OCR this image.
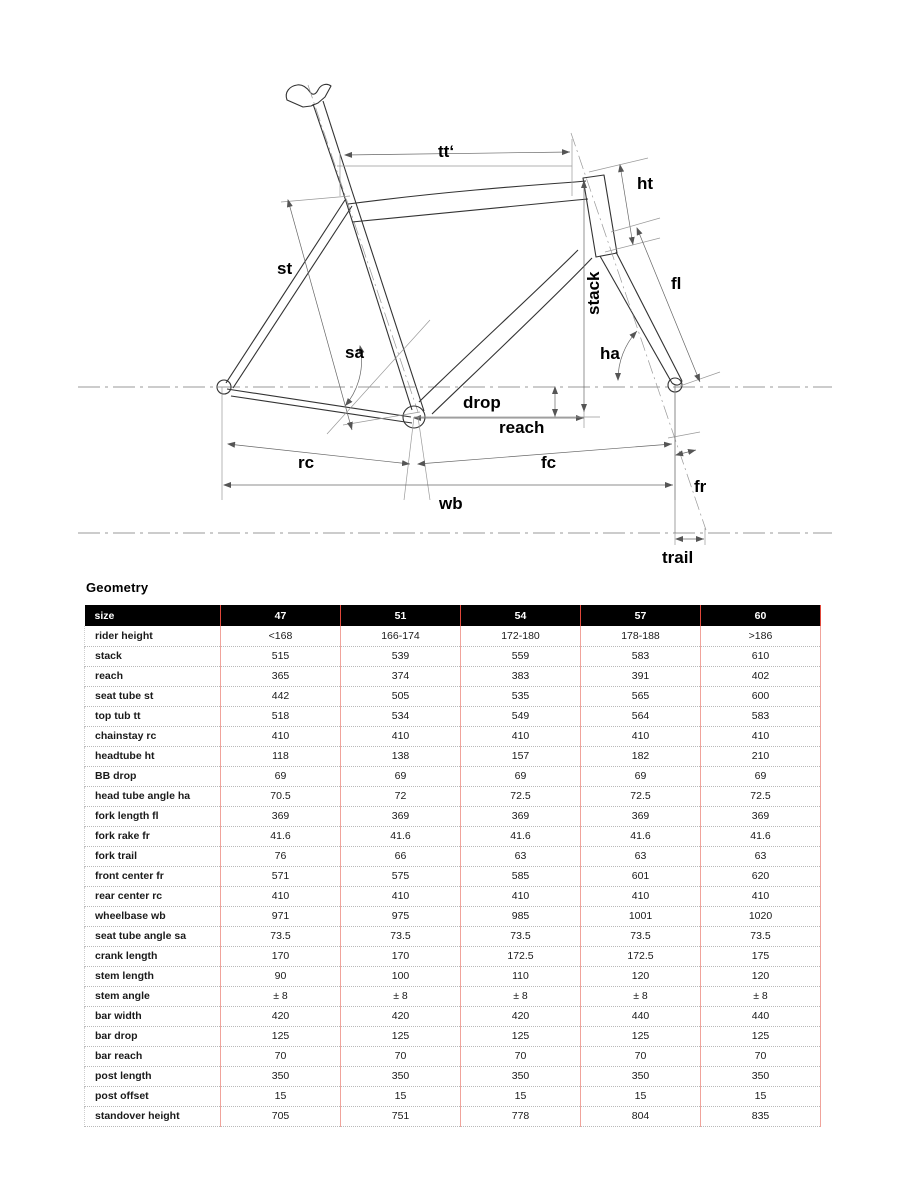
tt‘
st
ht
fl
stack
ha
sa
drop
reach
rc	fc
wb
fr
trail
Geometry
size	47	51	54	57	60
rider height	<168	166-174	172-180	178-188	>186
stack	515	539	559	583	610
reach	365	374	383	391	402
seat tube st	442	505	535	565	600
top tub tt	518	534	549	564	583
chainstay rc	410	410	410	410	410
headtube ht	118	138	157	182	210
BB drop	69	69	69	69	69
head tube angle ha	70.5	72	72.5	72.5	72.5
fork length fl	369	369	369	369	369
fork rake fr	41.6	41.6	41.6	41.6	41.6
fork trail	76	66	63	63	63
front center fr	571	575	585	601	620
rear center rc	410	410	410	410	410
wheelbase wb	971	975	985	1001	1020
seat tube angle sa	73.5	73.5	73.5	73.5	73.5
crank length	170	170	172.5	172.5	175
stem length	90	100	110	120	120
stem angle	± 8	± 8	± 8	± 8	± 8
bar width	420	420	420	440	440
bar drop	125	125	125	125	125
bar reach	70	70	70	70	70
post length	350	350	350	350	350
post offset	15	15	15	15	15
standover height	705	751	778	804	835
